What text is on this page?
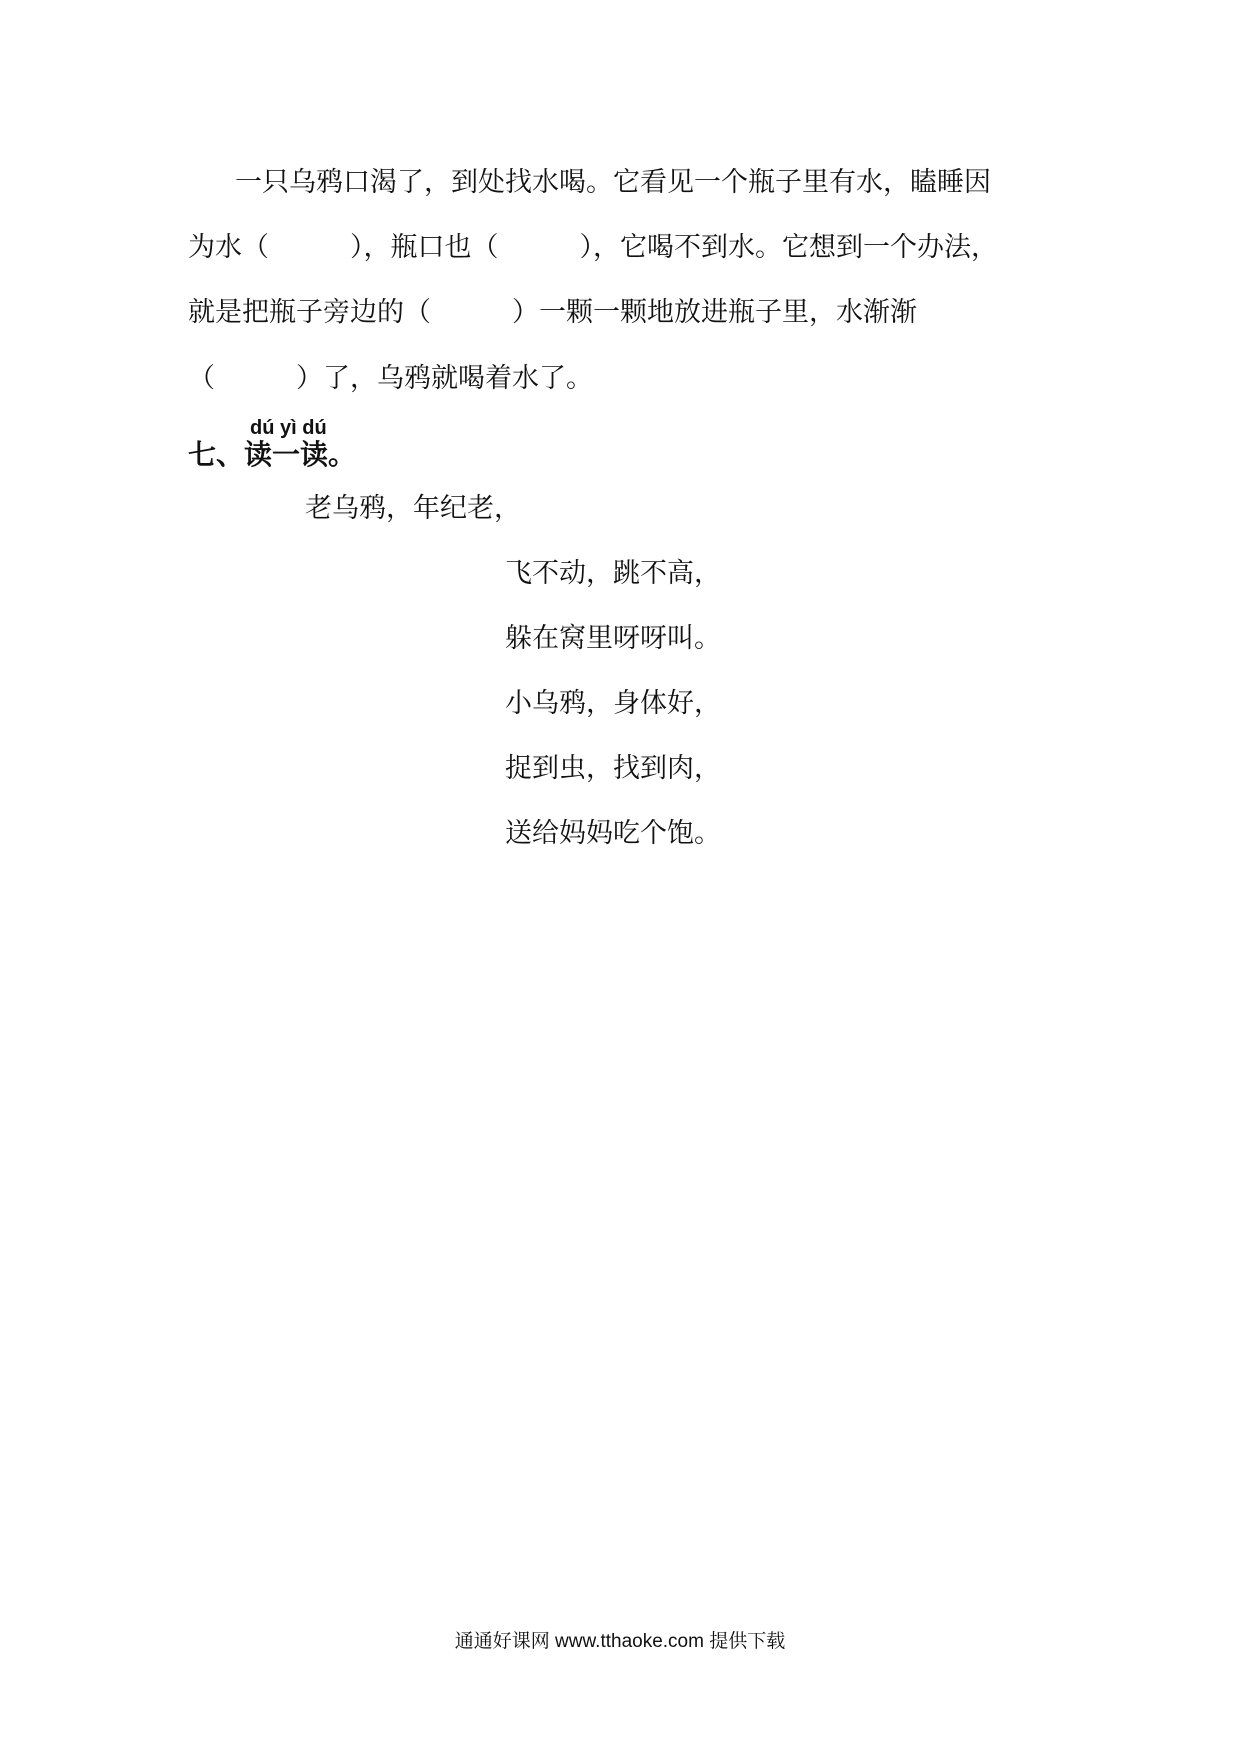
一只乌鸦口渴了，到处找水喝。它看见一个瓶子里有水，瞌睡因
为水（　　　），瓶口也（　　　），它喝不到水。它想到一个办法，
就是把瓶子旁边的（　　　）一颗一颗地放进瓶子里，水渐渐
（　　　）了，乌鸦就喝着水了。
dú yì dú
七、读一读。
老乌鸦，年纪老，
飞不动，跳不高，
躲在窝里呀呀叫。
小乌鸦，身体好，
捉到虫，找到肉，
送给妈妈吃个饱。
通通好课网 www.tthaoke.com 提供下载
